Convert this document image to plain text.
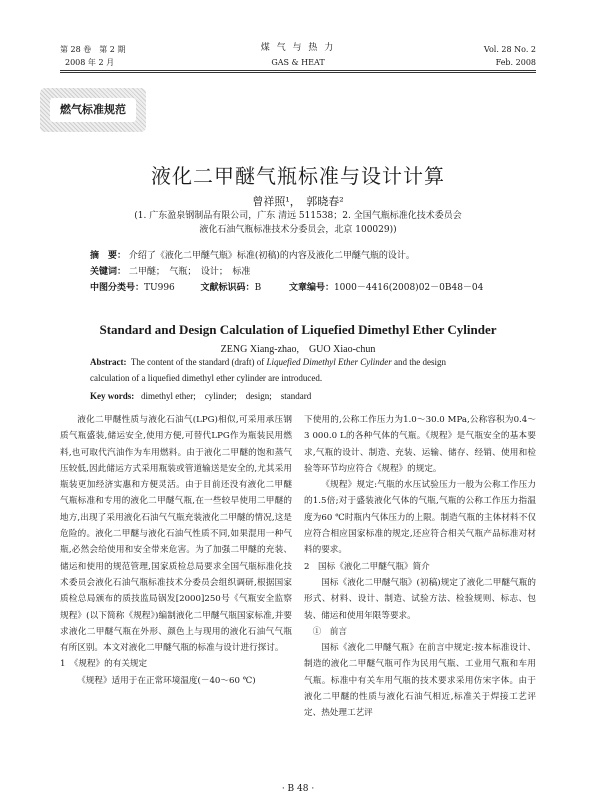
第 28 卷　第 2 期
2008 年 2 月
煤 气 与 热 力
GAS & HEAT
Vol. 28 No. 2
Feb. 2008
燃气标准规范
液化二甲醚气瓶标准与设计计算
曾祥照¹，　郭晓春²
(1. 广东盈泉钢制品有限公司，广东 清远 511538；2. 全国气瓶标准化技术委员会
液化石油气瓶标准技术分委员会，北京 100029))
摘　要： 介绍了《液化二甲醚气瓶》标准(初稿)的内容及液化二甲醚气瓶的设计。
关键词： 二甲醚；　气瓶；　设计；　标准
中图分类号：TU996	文献标识码：B	文章编号：1000－4416(2008)02－0B48－04
Standard and Design Calculation of Liquefied Dimethyl Ether Cylinder
ZENG Xiang-zhao,　GUO Xiao-chun
Abstract: The content of the standard (draft) of Liquefied Dimethyl Ether Cylinder and the design
calculation of a liquefied dimethyl ether cylinder are introduced.
Key words: dimethyl ether;　cylinder;　design;　standard

液化二甲醚性质与液化石油气(LPG)相似,可采用承压钢质气瓶盛装,储运安全,使用方便,可替代LPG作为瓶装民用燃料,也可取代汽油作为车用燃料。由于液化二甲醚的饱和蒸气压较低,因此储运方式采用瓶装或管道输送是安全的,尤其采用瓶装更加经济实惠和方便灵活。由于目前还没有液化二甲醚气瓶标准和专用的液化二甲醚气瓶,在一些较早使用二甲醚的地方,出现了采用液化石油气气瓶充装液化二甲醚的情况,这是危险的。液化二甲醚与液化石油气性质不同,如果混用一种气瓶,必然会给使用和安全带来危害。为了加强二甲醚的充装、储运和使用的规范管理,国家质检总局要求全国气瓶标准化技术委员会液化石油气瓶标准技术分委员会组织调研,根据国家质检总局颁布的质技监局锅发[2000]250号《气瓶安全监察规程》(以下简称《规程》)编制液化二甲醚气瓶国家标准,并要求液化二甲醚气瓶在外形、颜色上与现用的液化石油气气瓶有所区别。本文对液化二甲醚气瓶的标准与设计进行探讨。

1　《规程》的有关规定

《规程》适用于在正常环境温度(－40～60 ℃)

下使用的,公称工作压力为1.0～30.0 MPa,公称容积为0.4～3 000.0 L的各种气体的气瓶。《规程》是气瓶安全的基本要求,气瓶的设计、制造、充装、运输、储存、经销、使用和检验等环节均应符合《规程》的规定。

《规程》规定:气瓶的水压试验压力一般为公称工作压力的1.5倍;对于盛装液化气体的气瓶,气瓶的公称工作压力指温度为60 ℃时瓶内气体压力的上限。制造气瓶的主体材料不仅应符合相应国家标准的规定,还应符合相关气瓶产品标准对材料的要求。

2　国标《液化二甲醚气瓶》简介

国标《液化二甲醚气瓶》(初稿)规定了液化二甲醚气瓶的形式、材料、设计、制造、试验方法、检验规则、标志、包装、储运和使用年限等要求。

①　前言

国标《液化二甲醚气瓶》在前言中规定:按本标准设计、制造的液化二甲醚气瓶可作为民用气瓶、工业用气瓶和车用气瓶。标准中有关车用气瓶的技术要求采用仿宋字体。由于液化二甲醚的性质与液化石油气相近,标准关于焊接工艺评定、热处理工艺评

· B 48 ·
